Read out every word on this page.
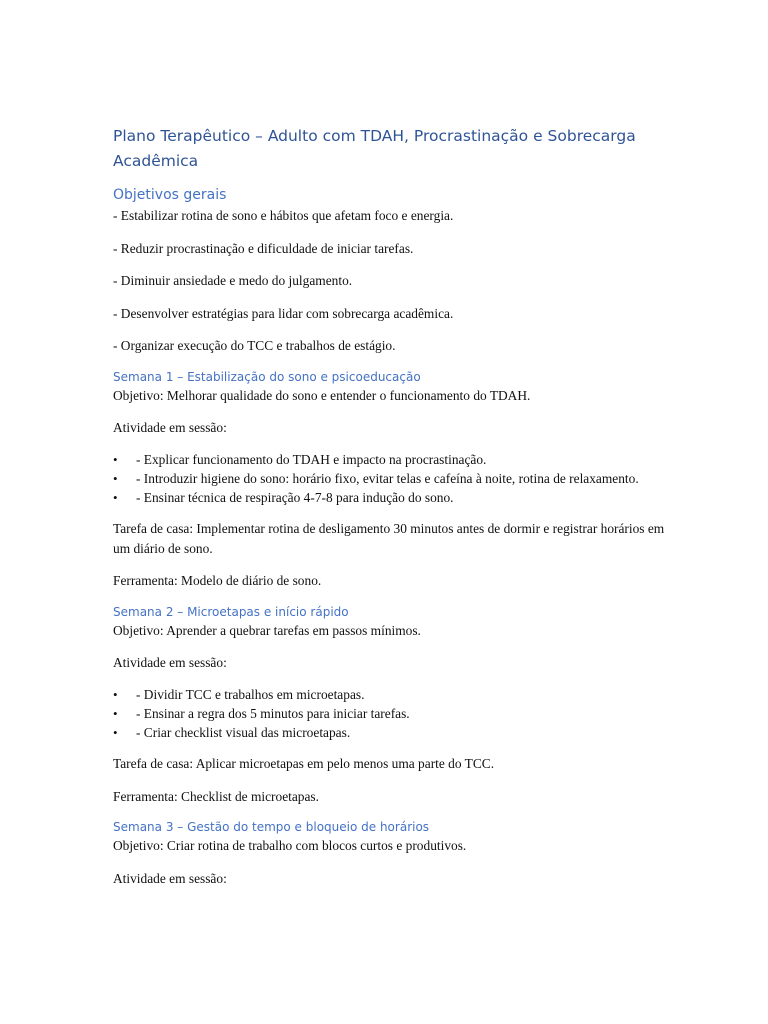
Plano Terapêutico – Adulto com TDAH, Procrastinação e Sobrecarga Acadêmica
Objetivos gerais

- Estabilizar rotina de sono e hábitos que afetam foco e energia.

- Reduzir procrastinação e dificuldade de iniciar tarefas.

- Diminuir ansiedade e medo do julgamento.

- Desenvolver estratégias para lidar com sobrecarga acadêmica.

- Organizar execução do TCC e trabalhos de estágio.

Semana 1 – Estabilização do sono e psicoeducação

Objetivo: Melhorar qualidade do sono e entender o funcionamento do TDAH.

Atividade em sessão:

• - Explicar funcionamento do TDAH e impacto na procrastinação.
• - Introduzir higiene do sono: horário fixo, evitar telas e cafeína à noite, rotina de relaxamento.
• - Ensinar técnica de respiração 4-7-8 para indução do sono.

Tarefa de casa: Implementar rotina de desligamento 30 minutos antes de dormir e registrar horários em um diário de sono.

Ferramenta: Modelo de diário de sono.

Semana 2 – Microetapas e início rápido

Objetivo: Aprender a quebrar tarefas em passos mínimos.

Atividade em sessão:

• - Dividir TCC e trabalhos em microetapas.
• - Ensinar a regra dos 5 minutos para iniciar tarefas.
• - Criar checklist visual das microetapas.

Tarefa de casa: Aplicar microetapas em pelo menos uma parte do TCC.

Ferramenta: Checklist de microetapas.

Semana 3 – Gestão do tempo e bloqueio de horários

Objetivo: Criar rotina de trabalho com blocos curtos e produtivos.

Atividade em sessão:
